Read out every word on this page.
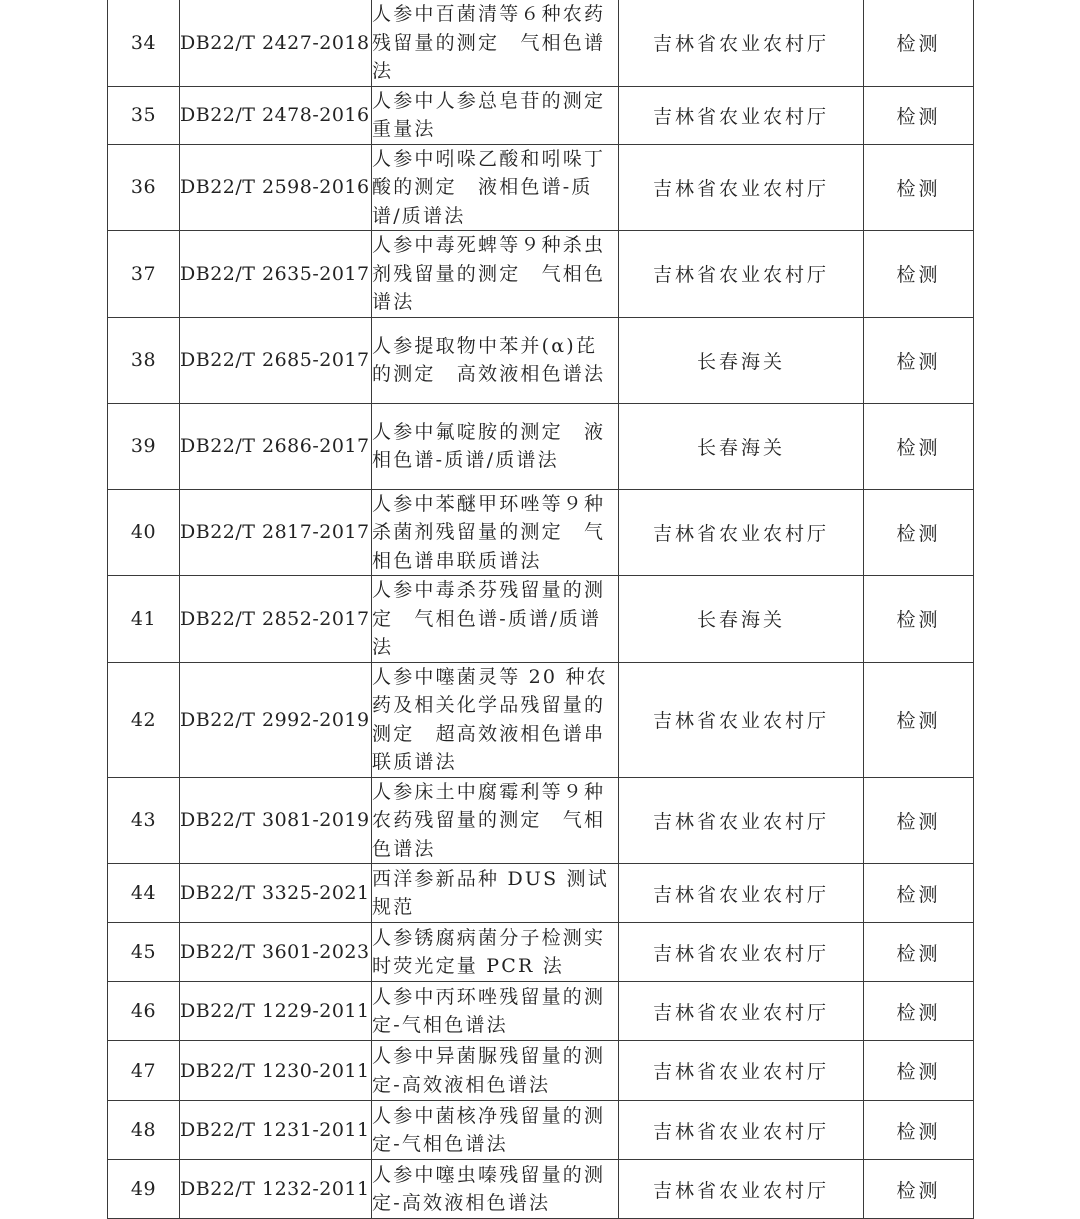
34	DB22/T 2427-2018	人参中百菌清等６种农药残留量的测定　气相色谱法	吉林省农业农村厅	检测
35	DB22/T 2478-2016	人参中人参总皂苷的测定　重量法	吉林省农业农村厅	检测
36	DB22/T 2598-2016	人参中吲哚乙酸和吲哚丁酸的测定　液相色谱-质谱/质谱法	吉林省农业农村厅	检测
37	DB22/T 2635-2017	人参中毒死蜱等９种杀虫剂残留量的测定　气相色谱法	吉林省农业农村厅	检测
38	DB22/T 2685-2017	人参提取物中苯并(α)芘的测定　高效液相色谱法	长春海关	检测
39	DB22/T 2686-2017	人参中氟啶胺的测定　液相色谱-质谱/质谱法	长春海关	检测
40	DB22/T 2817-2017	人参中苯醚甲环唑等９种杀菌剂残留量的测定　气相色谱串联质谱法	吉林省农业农村厅	检测
41	DB22/T 2852-2017	人参中毒杀芬残留量的测定　气相色谱-质谱/质谱法	长春海关	检测
42	DB22/T 2992-2019	人参中噻菌灵等 20 种农药及相关化学品残留量的测定　超高效液相色谱串联质谱法	吉林省农业农村厅	检测
43	DB22/T 3081-2019	人参床土中腐霉利等９种农药残留量的测定　气相色谱法	吉林省农业农村厅	检测
44	DB22/T 3325-2021	西洋参新品种 DUS 测试规范	吉林省农业农村厅	检测
45	DB22/T 3601-2023	人参锈腐病菌分子检测实时荧光定量 PCR 法	吉林省农业农村厅	检测
46	DB22/T 1229-2011	人参中丙环唑残留量的测定-气相色谱法	吉林省农业农村厅	检测
47	DB22/T 1230-2011	人参中异菌脲残留量的测定-高效液相色谱法	吉林省农业农村厅	检测
48	DB22/T 1231-2011	人参中菌核净残留量的测定-气相色谱法	吉林省农业农村厅	检测
49	DB22/T 1232-2011	人参中噻虫嗪残留量的测定-高效液相色谱法	吉林省农业农村厅	检测
